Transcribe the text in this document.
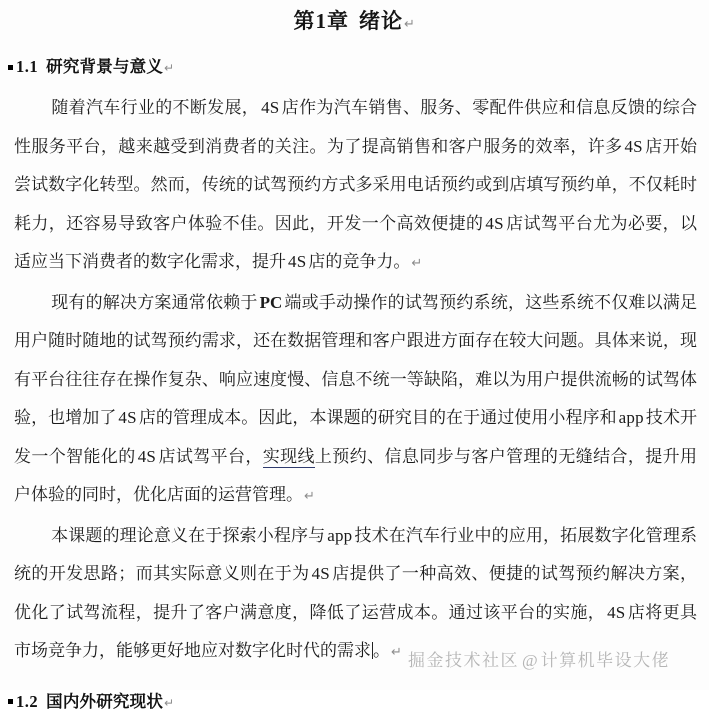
第1章 绪论↵
1.1 研究背景与意义↵

随着汽车行业的不断发展， 4S 店作为汽车销售、服务、零配件供应和信息反馈的综合性服务平台，越来越受到消费者的关注。为了提高销售和客户服务的效率，许多 4S 店开始尝试数字化转型。然而，传统的试驾预约方式多采用电话预约或到店填写预约单，不仅耗时耗力，还容易导致客户体验不佳。因此，开发一个高效便捷的 4S 店试驾平台尤为必要，以适应当下消费者的数字化需求，提升 4S 店的竞争力。↵

现有的解决方案通常依赖于 PC 端或手动操作的试驾预约系统，这些系统不仅难以满足用户随时随地的试驾预约需求，还在数据管理和客户跟进方面存在较大问题。具体来说，现有平台往往存在操作复杂、响应速度慢、信息不统一等缺陷，难以为用户提供流畅的试驾体验，也增加了 4S 店的管理成本。因此，本课题的研究目的在于通过使用小程序和 app 技术开发一个智能化的 4S 店试驾平台，实现线上预约、信息同步与客户管理的无缝结合，提升用户体验的同时，优化店面的运营管理。↵

本课题的理论意义在于探索小程序与 app 技术在汽车行业中的应用，拓展数字化管理系统的开发思路；而其实际意义则在于为 4S 店提供了一种高效、便捷的试驾预约解决方案，优化了试驾流程，提升了客户满意度，降低了运营成本。通过该平台的实施， 4S 店将更具市场竞争力，能够更好地应对数字化时代的需求 。↵

1.2 国内外研究现状↵
掘金技术社区 @ 计算机毕设大佬
